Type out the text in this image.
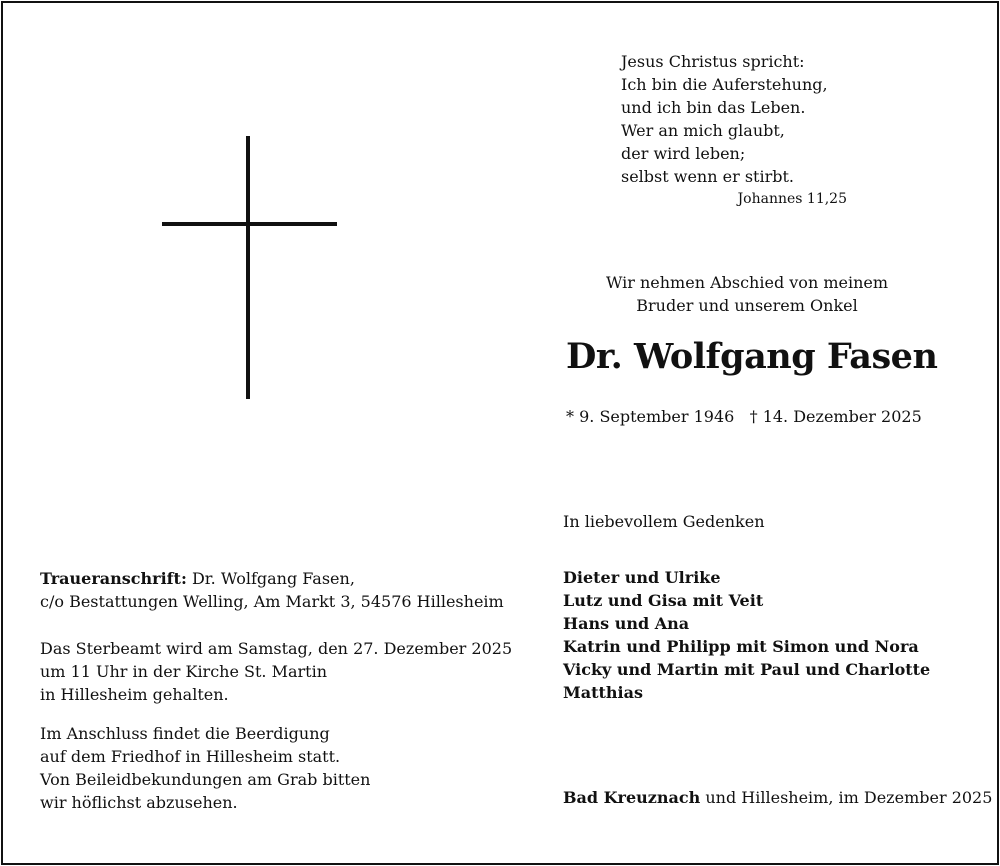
Jesus Christus spricht:
Ich bin die Auferstehung,
und ich bin das Leben.
Wer an mich glaubt,
der wird leben;
selbst wenn er stirbt.
Johannes 11,25
Wir nehmen Abschied von meinem
Bruder und unserem Onkel
Dr. Wolfgang Fasen
* 9. September 1946 † 14. Dezember 2025
In liebevollem Gedenken
Dieter und Ulrike
Lutz und Gisa mit Veit
Hans und Ana
Katrin und Philipp mit Simon und Nora
Vicky und Martin mit Paul und Charlotte
Matthias
Bad Kreuznach und Hillesheim, im Dezember 2025
Traueranschrift: Dr. Wolfgang Fasen,
c/o Bestattungen Welling, Am Markt 3, 54576 Hillesheim
Das Sterbeamt wird am Samstag, den 27. Dezember 2025
um 11 Uhr in der Kirche St. Martin
in Hillesheim gehalten.
Im Anschluss findet die Beerdigung
auf dem Friedhof in Hillesheim statt.
Von Beileidbekundungen am Grab bitten
wir höflichst abzusehen.
